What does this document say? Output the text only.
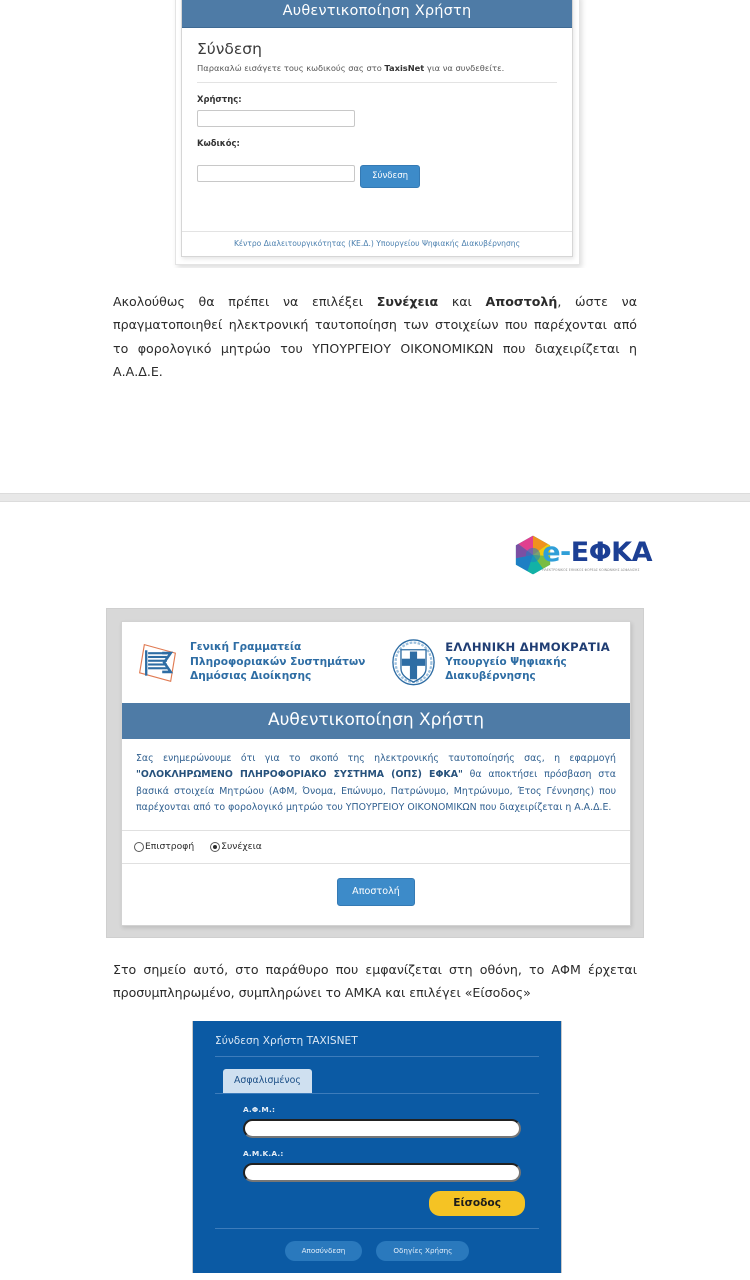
Αυθεντικοποίηση Χρήστη
Σύνδεση
Παρακαλώ εισάγετε τους κωδικούς σας στο TaxisNet για να συνδεθείτε.
Χρήστης:
Κωδικός:
Σύνδεση
Κέντρο Διαλειτουργικότητας (ΚΕ.Δ.) Υπουργείου Ψηφιακής Διακυβέρνησης

Ακολούθως θα πρέπει να επιλέξει Συνέχεια και Αποστολή, ώστε να πραγματοποιηθεί ηλεκτρονική ταυτοποίηση των στοιχείων που παρέχονται από το φορολογικό μητρώο του ΥΠΟΥΡΓΕΙΟΥ ΟΙΚΟΝΟΜΙΚΩΝ που διαχειρίζεται η Α.Α.Δ.Ε.

e-ΕΦΚΑ
ΗΛΕΚΤΡΟΝΙΚΟΣ ΕΘΝΙΚΟΣ ΦΟΡΕΑΣ ΚΟΙΝΩΝΙΚΗΣ ΑΣΦΑΛΙΣΗΣ
Γενική Γραμματεία
Πληροφοριακών Συστημάτων
Δημόσιας Διοίκησης
ΕΛΛΗΝΙΚΗ ΔΗΜΟΚΡΑΤΙΑ
Υπουργείο Ψηφιακής
Διακυβέρνησης
Αυθεντικοποίηση Χρήστη
Σας ενημερώνουμε ότι για το σκοπό της ηλεκτρονικής ταυτοποίησής σας, η εφαρμογή "ΟΛΟΚΛΗΡΩΜΕΝΟ ΠΛΗΡΟΦΟΡΙΑΚΟ ΣΥΣΤΗΜΑ (ΟΠΣ) ΕΦΚΑ" θα αποκτήσει πρόσβαση στα βασικά στοιχεία Μητρώου (ΑΦΜ, Όνομα, Επώνυμο, Πατρώνυμο, Μητρώνυμο, Έτος Γέννησης) που παρέχονται από το φορολογικό μητρώο του ΥΠΟΥΡΓΕΙΟΥ ΟΙΚΟΝΟΜΙΚΩΝ που διαχειρίζεται η Α.Α.Δ.Ε.
Επιστροφή	Συνέχεια
Αποστολή

Στο σημείο αυτό, στο παράθυρο που εμφανίζεται στη οθόνη, το ΑΦΜ έρχεται προσυμπληρωμένο, συμπληρώνει το ΑΜΚΑ και επιλέγει «Είσοδος»

Σύνδεση Χρήστη TAXISNET
Ασφαλισμένος
Α.Φ.Μ.:
Α.Μ.Κ.Α.:
Είσοδος
Αποσύνδεση	Οδηγίες Χρήσης
